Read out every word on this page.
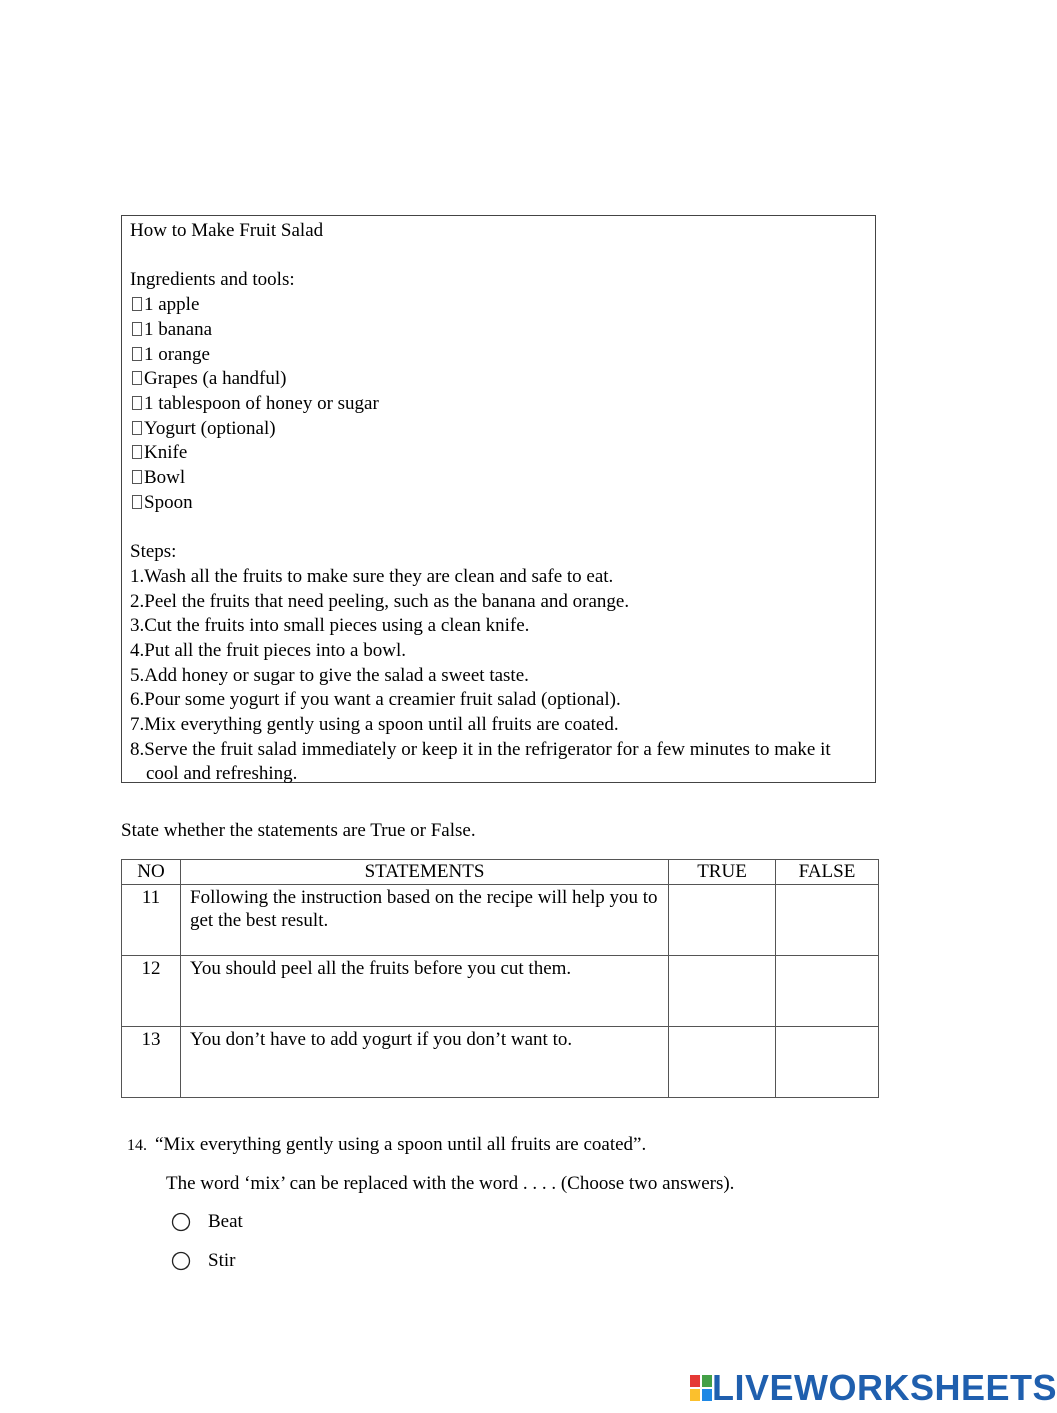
How to Make Fruit Salad
Ingredients and tools:
1 apple
1 banana
1 orange
Grapes (a handful)
1 tablespoon of honey or sugar
Yogurt (optional)
Knife
Bowl
Spoon
Steps:
1.Wash all the fruits to make sure they are clean and safe to eat.
2.Peel the fruits that need peeling, such as the banana and orange.
3.Cut the fruits into small pieces using a clean knife.
4.Put all the fruit pieces into a bowl.
5.Add honey or sugar to give the salad a sweet taste.
6.Pour some yogurt if you want a creamier fruit salad (optional).
7.Mix everything gently using a spoon until all fruits are coated.
8.Serve the fruit salad immediately or keep it in the refrigerator for a few minutes to make it cool and refreshing.
State whether the statements are True or False.
NO	STATEMENTS	TRUE	FALSE
11	Following the instruction based on the recipe will help you to get the best result.		
12	You should peel all the fruits before you cut them.		
13	You don’t have to add yogurt if you don’t want to.		
14. “Mix everything gently using a spoon until all fruits are coated”.
The word ‘mix’ can be replaced with the word . . . . (Choose two answers).
Beat
Stir
LIVEWORKSHEETS
